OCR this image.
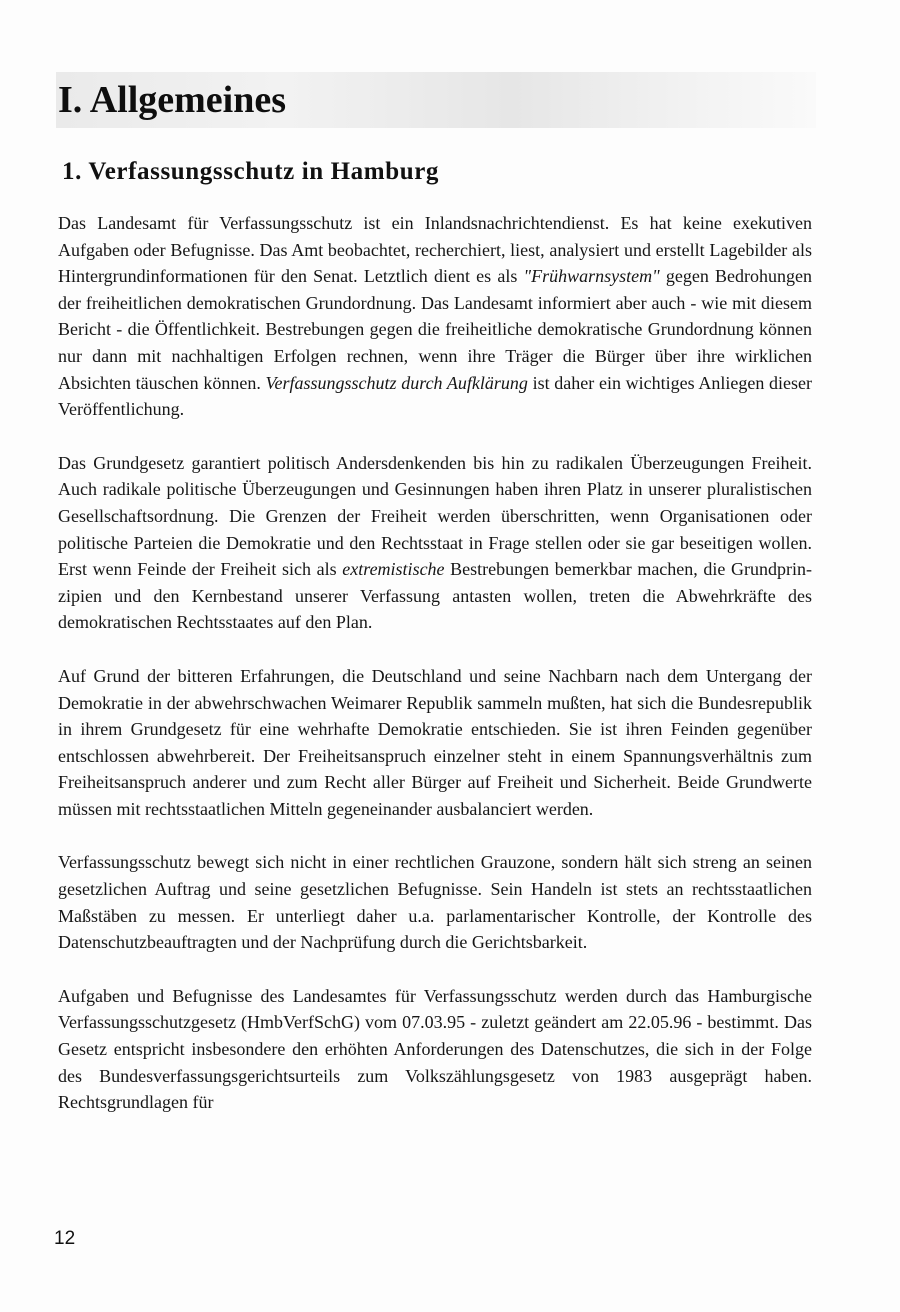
I. Allgemeines
1. Verfassungsschutz in Hamburg

Das Landesamt für Verfassungsschutz ist ein Inlandsnachrichtendienst. Es hat keine exekutiven Aufgaben oder Befugnisse. Das Amt beobachtet, recherchiert, liest, analysiert und erstellt Lagebilder als Hintergrundinformationen für den Senat. Letztlich dient es als "Frühwarnsystem" gegen Bedrohungen der freiheitlichen demokratischen Grundordnung. Das Landesamt informiert aber auch - wie mit diesem Bericht - die Öffentlichkeit. Bestrebungen gegen die freiheitliche demokratische Grundordnung können nur dann mit nachhaltigen Erfolgen rechnen, wenn ihre Träger die Bürger über ihre wirklichen Absichten täuschen können. Verfassungsschutz durch Aufklärung ist daher ein wichtiges Anliegen dieser Veröffentlichung.

Das Grundgesetz garantiert politisch Andersdenkenden bis hin zu radikalen Überzeugungen Freiheit. Auch radikale politische Überzeugungen und Gesinnungen haben ihren Platz in unserer pluralistischen Gesellschaftsordnung. Die Grenzen der Freiheit werden überschritten, wenn Organisationen oder politische Parteien die Demokratie und den Rechtsstaat in Frage stellen oder sie gar beseitigen wollen. Erst wenn Feinde der Freiheit sich als extremistische Bestrebungen bemerkbar machen, die Grundprinzipien und den Kernbestand unserer Verfassung antasten wollen, treten die Abwehrkräfte des demokratischen Rechtsstaates auf den Plan.

Auf Grund der bitteren Erfahrungen, die Deutschland und seine Nachbarn nach dem Untergang der Demokratie in der abwehrschwachen Weimarer Republik sammeln mußten, hat sich die Bundesrepublik in ihrem Grundgesetz für eine wehrhafte Demokratie entschieden. Sie ist ihren Feinden gegenüber entschlossen abwehrbereit. Der Freiheitsanspruch einzelner steht in einem Spannungsverhältnis zum Freiheitsanspruch anderer und zum Recht aller Bürger auf Freiheit und Sicherheit. Beide Grundwerte müssen mit rechtsstaatlichen Mitteln gegeneinander ausbalanciert werden.

Verfassungsschutz bewegt sich nicht in einer rechtlichen Grauzone, sondern hält sich streng an seinen gesetzlichen Auftrag und seine gesetzlichen Befugnisse. Sein Handeln ist stets an rechtsstaatlichen Maßstäben zu messen. Er unterliegt daher u.a. parlamentarischer Kontrolle, der Kontrolle des Datenschutzbeauftragten und der Nachprüfung durch die Gerichtsbarkeit.

Aufgaben und Befugnisse des Landesamtes für Verfassungsschutz werden durch das Hamburgische Verfassungsschutzgesetz (HmbVerfSchG) vom 07.03.95 - zuletzt geändert am 22.05.96 - bestimmt. Das Gesetz entspricht insbesondere den erhöhten Anforderungen des Datenschutzes, die sich in der Folge des Bundesverfassungsgerichtsurteils zum Volkszählungsgesetz von 1983 ausgeprägt haben. Rechtsgrundlagen für

12
